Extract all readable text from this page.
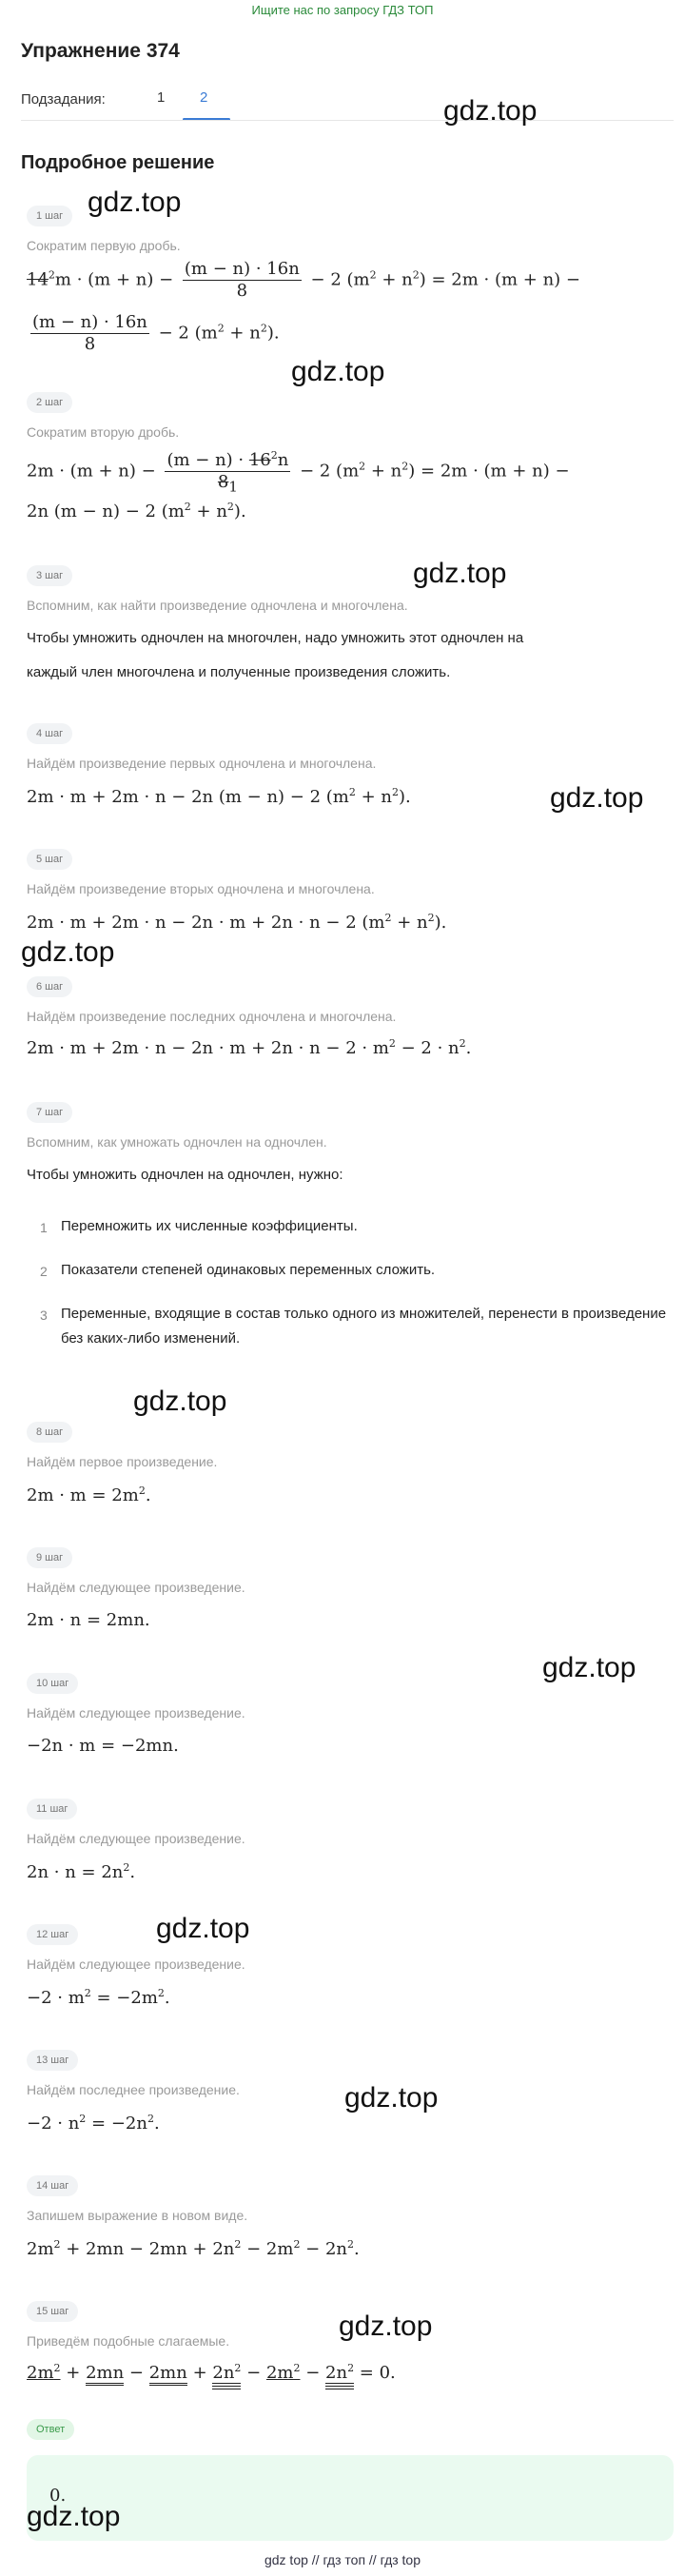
Ищите нас по запросу ГДЗ ТОП
Упражнение 374
Подзадания:	1 2
Подробное решение
1 шаг
Сократим первую дробь.
$14^2m \cdot (m + n) - \frac{(m - n) \cdot 16n}{8} - 2$ $(m^2 + n^2) = 2m \cdot (m + n)$ −
$\frac{(m - n) \cdot 16n}{8} - 2$ $(m^2 + n^2)$.
2 шаг
Сократим вторую дробь.
$2m \cdot (m + n) - \frac{(m - n) \cdot 16^2n}{8_1} - 2$ $(m^2 + n^2) = 2m \cdot (m + n)$ −
2n (m − n) − 2 $(m^2 + n^2)$.
3 шаг
Вспомним, как найти произведение одночлена и многочлена.
Чтобы умножить одночлен на многочлен, надо умножить этот одночлен на
каждый член многочлена и полученные произведения сложить.
4 шаг
Найдём произведение первых одночлена и многочлена.
2m · m + 2m · n − 2n (m − n) − 2 $(m^2 + n^2)$.
5 шаг
Найдём произведение вторых одночлена и многочлена.
2m · m + 2m · n − 2n · m + 2n · n − 2 $(m^2 + n^2)$.
6 шаг
Найдём произведение последних одночлена и многочлена.
$2m \cdot m + 2m \cdot n - 2n \cdot m + 2n \cdot n - 2 \cdot m^2 - 2 \cdot n^2$.
7 шаг
Вспомним, как умножать одночлен на одночлен.
Чтобы умножить одночлен на одночлен, нужно:
1 Перемножить их численные коэффициенты.
2 Показатели степеней одинаковых переменных сложить.
3 Переменные, входящие в состав только одного из множителей, перенести в произведение без каких-либо изменений.
8 шаг
Найдём первое произведение.
$2m \cdot m = 2m^2$.
9 шаг
Найдём следующее произведение.
2m · n = 2mn.
10 шаг
Найдём следующее произведение.
−2n · m = −2mn.
11 шаг
Найдём следующее произведение.
$2n \cdot n = 2n^2$.
12 шаг
Найдём следующее произведение.
$-2 \cdot m^2 = -2m^2$.
13 шаг
Найдём последнее произведение.
$-2 \cdot n^2 = -2n^2$.
14 шаг
Запишем выражение в новом виде.
$2m^2 + 2mn - 2mn + 2n^2 - 2m^2 - 2n^2$.
15 шаг
Приведём подобные слагаемые.
$2m^2 + 2mn - 2mn + 2n^2 - 2m^2 - 2n^2 = 0$.
Ответ
0.
gdz.top
gdz.top
gdz.top
gdz.top
gdz.top
gdz.top
gdz.top
gdz.top
gdz.top
gdz.top
gdz.top
gdz.top
gdz top // гдз топ // гдз top
